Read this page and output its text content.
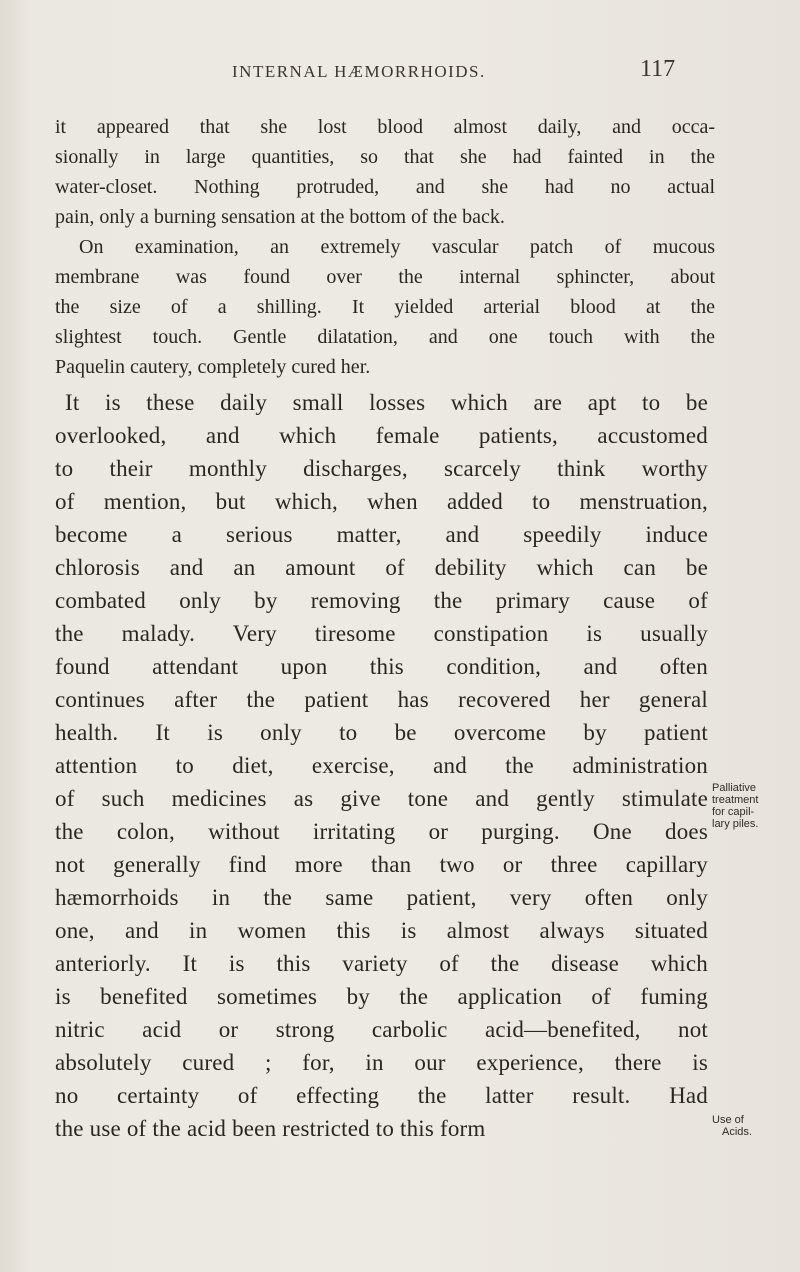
INTERNAL HÆMORRHOIDS.	117
it appeared that she lost blood almost daily, and occa-
sionally in large quantities, so that she had fainted in the
water-closet. Nothing protruded, and she had no actual
pain, only a burning sensation at the bottom of the back.
On examination, an extremely vascular patch of mucous
membrane was found over the internal sphincter, about
the size of a shilling. It yielded arterial blood at the
slightest touch. Gentle dilatation, and one touch with the
Paquelin cautery, completely cured her.
It is these daily small losses which are apt to be
overlooked, and which female patients, accustomed
to their monthly discharges, scarcely think worthy
of mention, but which, when added to menstruation,
become a serious matter, and speedily induce
chlorosis and an amount of debility which can be
combated only by removing the primary cause of
the malady. Very tiresome constipation is usually
found attendant upon this condition, and often
continues after the patient has recovered her general
health. It is only to be overcome by patient
attention to diet, exercise, and the administration
of such medicines as give tone and gently stimulate
the colon, without irritating or purging. One does
not generally find more than two or three capillary
hæmorrhoids in the same patient, very often only
one, and in women this is almost always situated
anteriorly. It is this variety of the disease which
is benefited sometimes by the application of fuming
nitric acid or strong carbolic acid—benefited, not
absolutely cured ; for, in our experience, there is
no certainty of effecting the latter result. Had
the use of the acid been restricted to this form
Palliative
treatment
for capil-
lary piles.
Use of
Acids.
